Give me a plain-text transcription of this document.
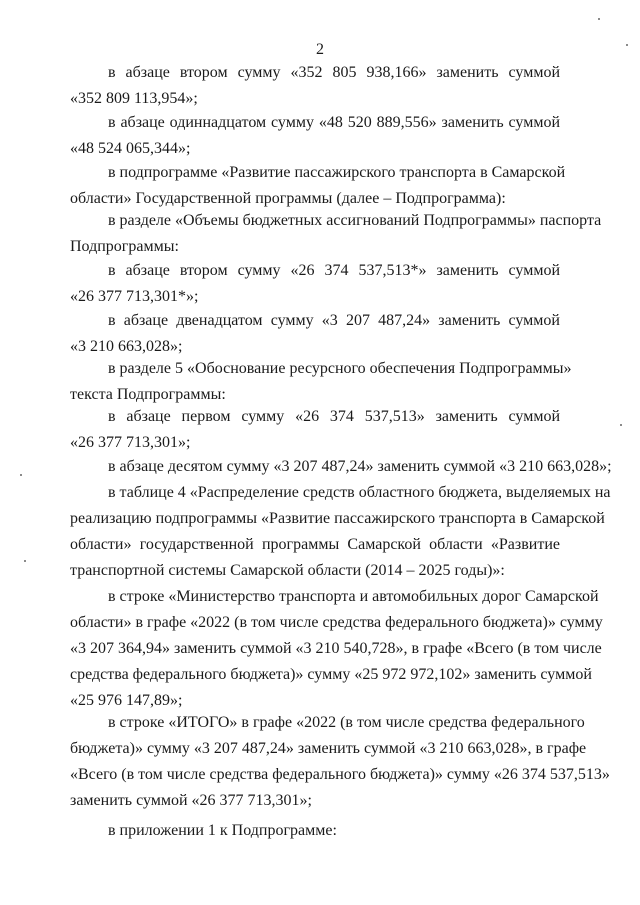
2
в абзаце втором сумму «352 805 938,166» заменить суммой
«352 809 113,954»;
в абзаце одиннадцатом сумму «48 520 889,556» заменить суммой
«48 524 065,344»;
в подпрограмме «Развитие пассажирского транспорта в Самарской
области» Государственной программы (далее – Подпрограмма):
в разделе «Объемы бюджетных ассигнований Подпрограммы» паспорта
Подпрограммы:
в абзаце втором сумму «26 374 537,513*» заменить суммой
«26 377 713,301*»;
в абзаце двенадцатом сумму «3 207 487,24» заменить суммой
«3 210 663,028»;
в разделе 5 «Обоснование ресурсного обеспечения Подпрограммы»
текста Подпрограммы:
в абзаце первом сумму «26 374 537,513» заменить суммой
«26 377 713,301»;
в абзаце десятом сумму «3 207 487,24» заменить суммой «3 210 663,028»;
в таблице 4 «Распределение средств областного бюджета, выделяемых на
реализацию подпрограммы «Развитие пассажирского транспорта в Самарской
области» государственной программы Самарской области «Развитие
транспортной системы Самарской области (2014 – 2025 годы)»:
в строке «Министерство транспорта и автомобильных дорог Самарской
области» в графе «2022 (в том числе средства федерального бюджета)» сумму
«3 207 364,94» заменить суммой «3 210 540,728», в графе «Всего (в том числе
средства федерального бюджета)» сумму «25 972 972,102» заменить суммой
«25 976 147,89»;
в строке «ИТОГО» в графе «2022 (в том числе средства федерального
бюджета)» сумму «3 207 487,24» заменить суммой «3 210 663,028», в графе
«Всего (в том числе средства федерального бюджета)» сумму «26 374 537,513»
заменить суммой «26 377 713,301»;
в приложении 1 к Подпрограмме:
